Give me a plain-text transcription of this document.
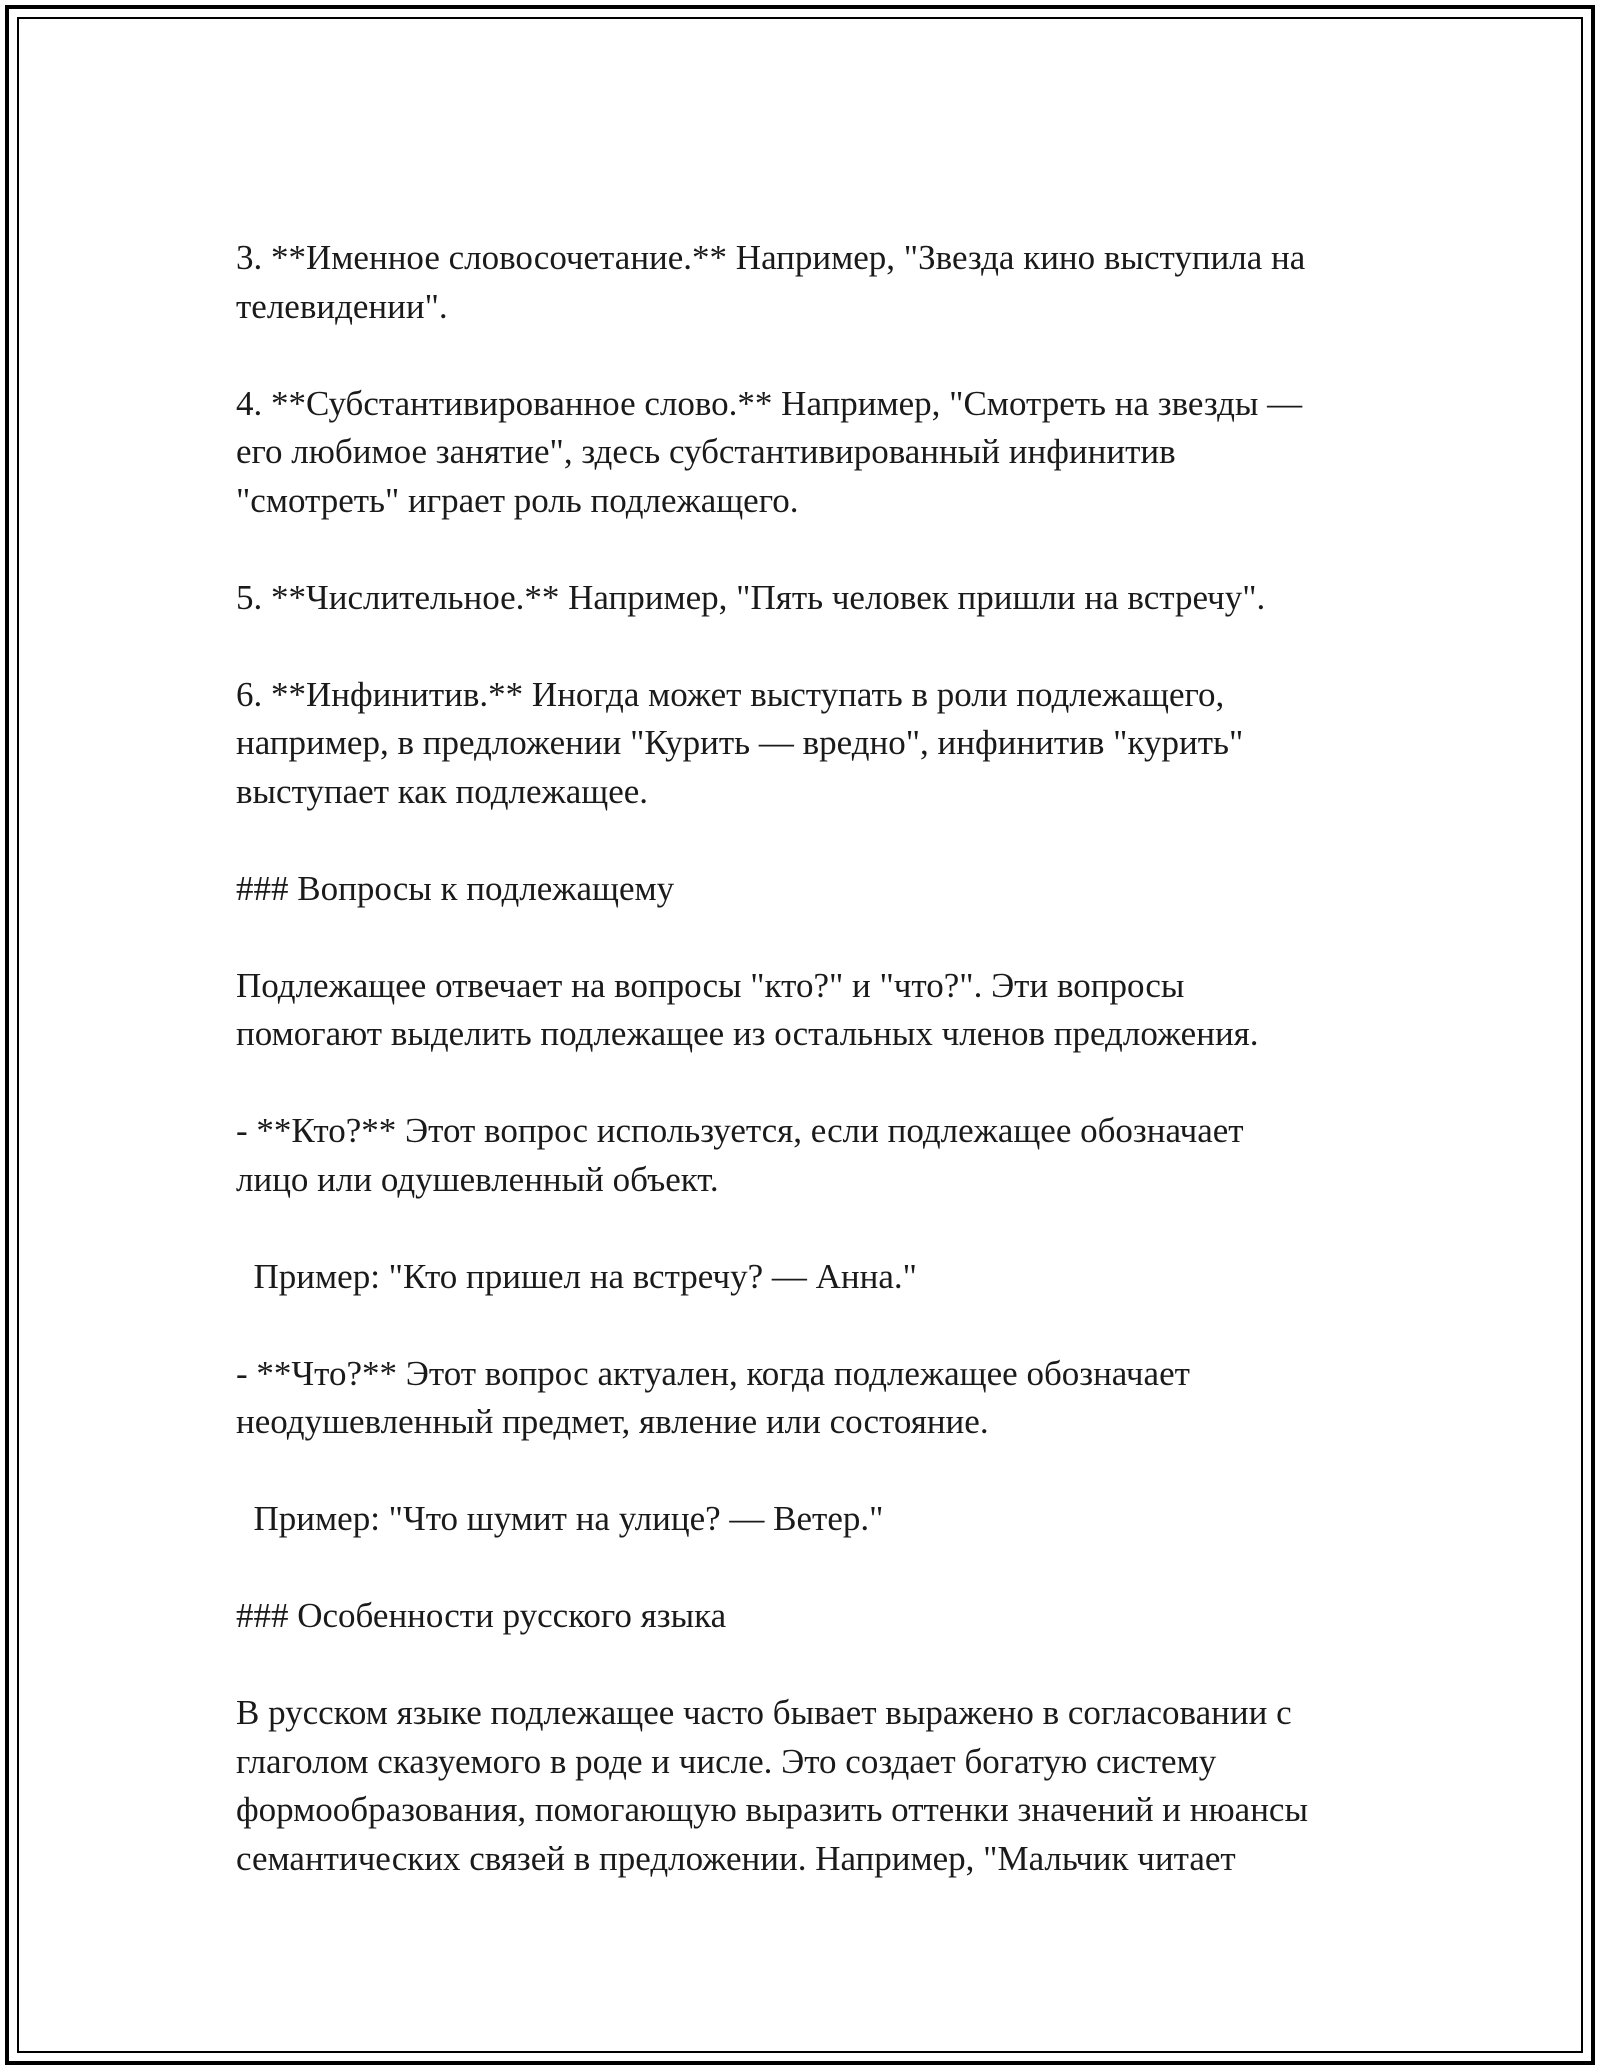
3. **Именное словосочетание.** Например, "Звезда кино выступила на
телевидении".

4. **Субстантивированное слово.** Например, "Смотреть на звезды —
его любимое занятие", здесь субстантивированный инфинитив
"смотреть" играет роль подлежащего.

5. **Числительное.** Например, "Пять человек пришли на встречу".

6. **Инфинитив.** Иногда может выступать в роли подлежащего,
например, в предложении "Курить — вредно", инфинитив "курить"
выступает как подлежащее.

### Вопросы к подлежащему

Подлежащее отвечает на вопросы "кто?" и "что?". Эти вопросы
помогают выделить подлежащее из остальных членов предложения.

- **Кто?** Этот вопрос используется, если подлежащее обозначает
лицо или одушевленный объект.

Пример: "Кто пришел на встречу? — Анна."

- **Что?** Этот вопрос актуален, когда подлежащее обозначает
неодушевленный предмет, явление или состояние.

Пример: "Что шумит на улице? — Ветер."

### Особенности русского языка

В русском языке подлежащее часто бывает выражено в согласовании с
глаголом сказуемого в роде и числе. Это создает богатую систему
формообразования, помогающую выразить оттенки значений и нюансы
семантических связей в предложении. Например, "Мальчик читает
